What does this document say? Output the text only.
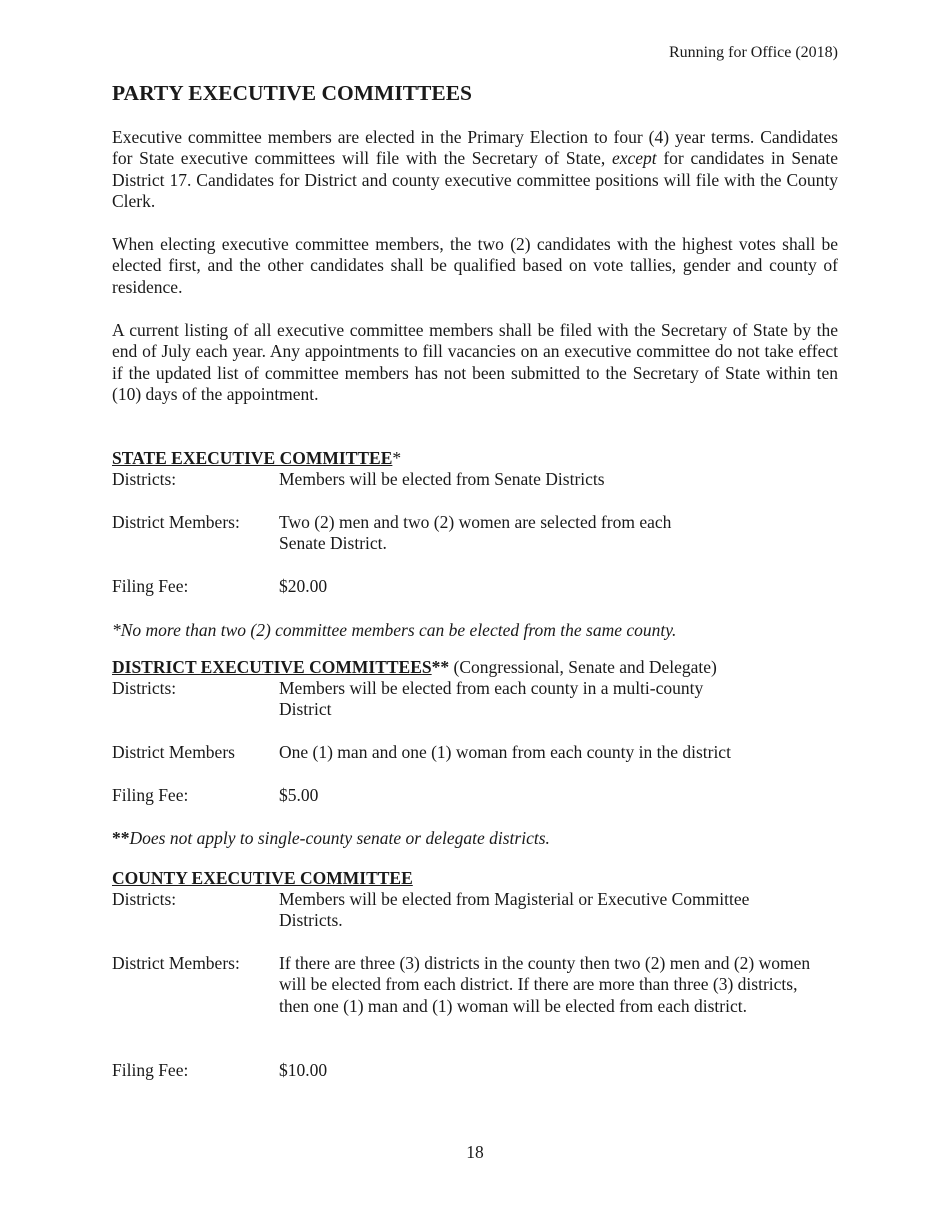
Running for Office (2018)
PARTY EXECUTIVE COMMITTEES

Executive committee members are elected in the Primary Election to four (4) year terms. Candidates for State executive committees will file with the Secretary of State, except for candidates in Senate District 17. Candidates for District and county executive committee positions will file with the County Clerk.

When electing executive committee members, the two (2) candidates with the highest votes shall be elected first, and the other candidates shall be qualified based on vote tallies, gender and county of residence.

A current listing of all executive committee members shall be filed with the Secretary of State by the end of July each year. Any appointments to fill vacancies on an executive committee do not take effect if the updated list of committee members has not been submitted to the Secretary of State within ten (10) days of the appointment.

STATE EXECUTIVE COMMITTEE*
Districts:	Members will be elected from Senate Districts
District Members:	Two (2) men and two (2) women are selected from each Senate District.
Filing Fee:	$20.00

*No more than two (2) committee members can be elected from the same county.

DISTRICT EXECUTIVE COMMITTEES** (Congressional, Senate and Delegate)
Districts:	Members will be elected from each county in a multi-county District
District Members	One (1) man and one (1) woman from each county in the district
Filing Fee:	$5.00

**Does not apply to single-county senate or delegate districts.

COUNTY EXECUTIVE COMMITTEE
Districts:	Members will be elected from Magisterial or Executive Committee Districts.
District Members:	If there are three (3) districts in the county then two (2) men and (2) women will be elected from each district. If there are more than three (3) districts, then one (1) man and (1) woman will be elected from each district.
Filing Fee:	$10.00
18
